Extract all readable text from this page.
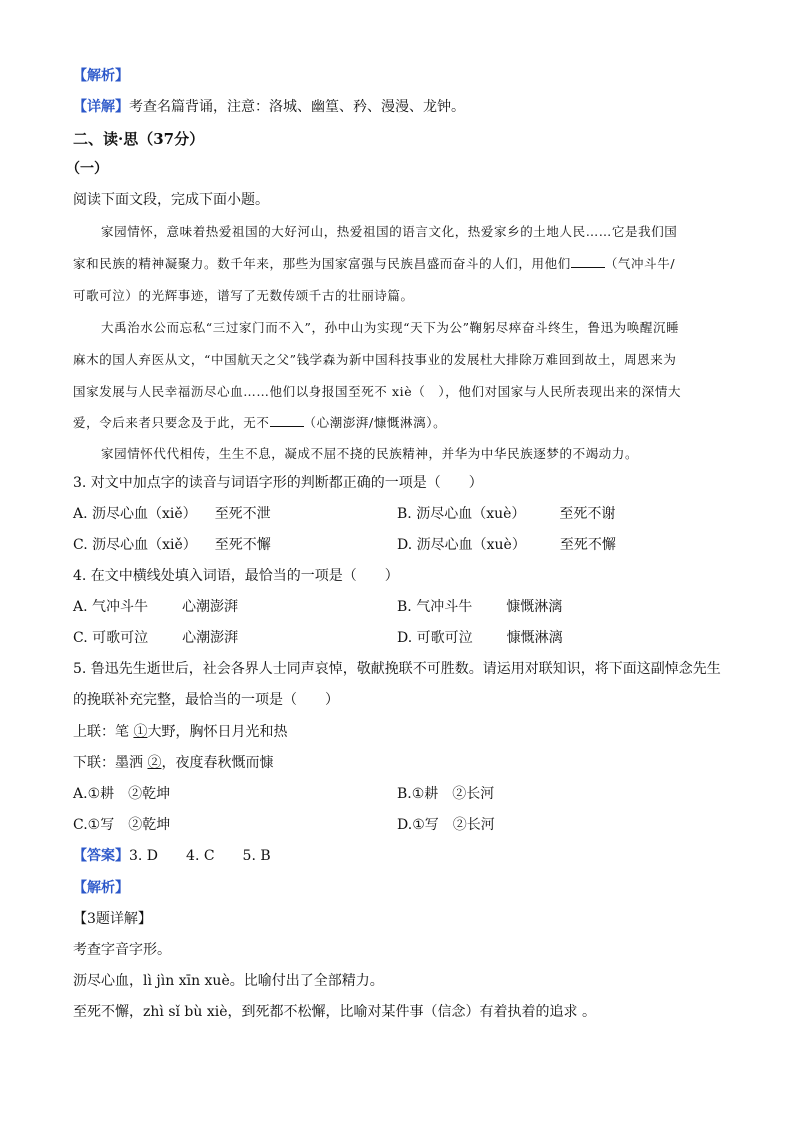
【解析】
【详解】考查名篇背诵，注意：洛城、幽篁、矜、漫漫、龙钟。
二、读·思（37分）
（一）
阅读下面文段，完成下面小题。
家园情怀，意味着热爱祖国的大好河山，热爱祖国的语言文化，热爱家乡的土地人民……它是我们国
家和民族的精神凝聚力。数千年来，那些为国家富强与民族昌盛而奋斗的人们，用他们	（气冲斗牛/
可歌可泣）的光辉事迹，谱写了无数传颂千古的壮丽诗篇。
大禹治水公而忘私“三过家门而不入”，孙中山为实现“天下为公”鞠躬尽瘁奋斗终生，鲁迅为唤醒沉睡
麻木的国人弃医从文，“中国航天之父”钱学森为新中国科技事业的发展杜大排除万难回到故土，周恩来为
国家发展与人民幸福沥尽心血……他们以身报国至死不 xiè（　），他们对国家与人民所表现出来的深情大
爱，令后来者只要念及于此，无不	（心潮澎湃/慷慨淋漓）。
家园情怀代代相传，生生不息，凝成不屈不挠的民族精神，并华为中华民族逐梦的不竭动力。
3. 对文中加点字的读音与词语字形的判断都正确的一项是（　　）
A. 沥尽心血（xiě） 至死不泄	B. 沥尽心血（xuè） 至死不谢
C. 沥尽心血（xiě） 至死不懈	D. 沥尽心血（xuè） 至死不懈
4. 在文中横线处填入词语，最恰当的一项是（　　）
A. 气冲斗牛 心潮澎湃	B. 气冲斗牛 慷慨淋漓
C. 可歌可泣 心潮澎湃	D. 可歌可泣 慷慨淋漓
5. 鲁迅先生逝世后，社会各界人士同声哀悼，敬献挽联不可胜数。请运用对联知识，将下面这副悼念先生
的挽联补充完整，最恰当的一项是（　　）
上联：笔 ①大野，胸怀日月光和热
下联：墨洒 ②，夜度春秋慨而慷
A.①耕　②乾坤	B.①耕　②长河
C.①写　②乾坤	D.①写　②长河
【答案】3. D　　4. C　　5. B
【解析】
【3题详解】
考查字音字形。
沥尽心血，lì jìn xīn xuè。比喻付出了全部精力。
至死不懈，zhì sǐ bù xiè，到死都不松懈，比喻对某件事（信念）有着执着的追求 。
